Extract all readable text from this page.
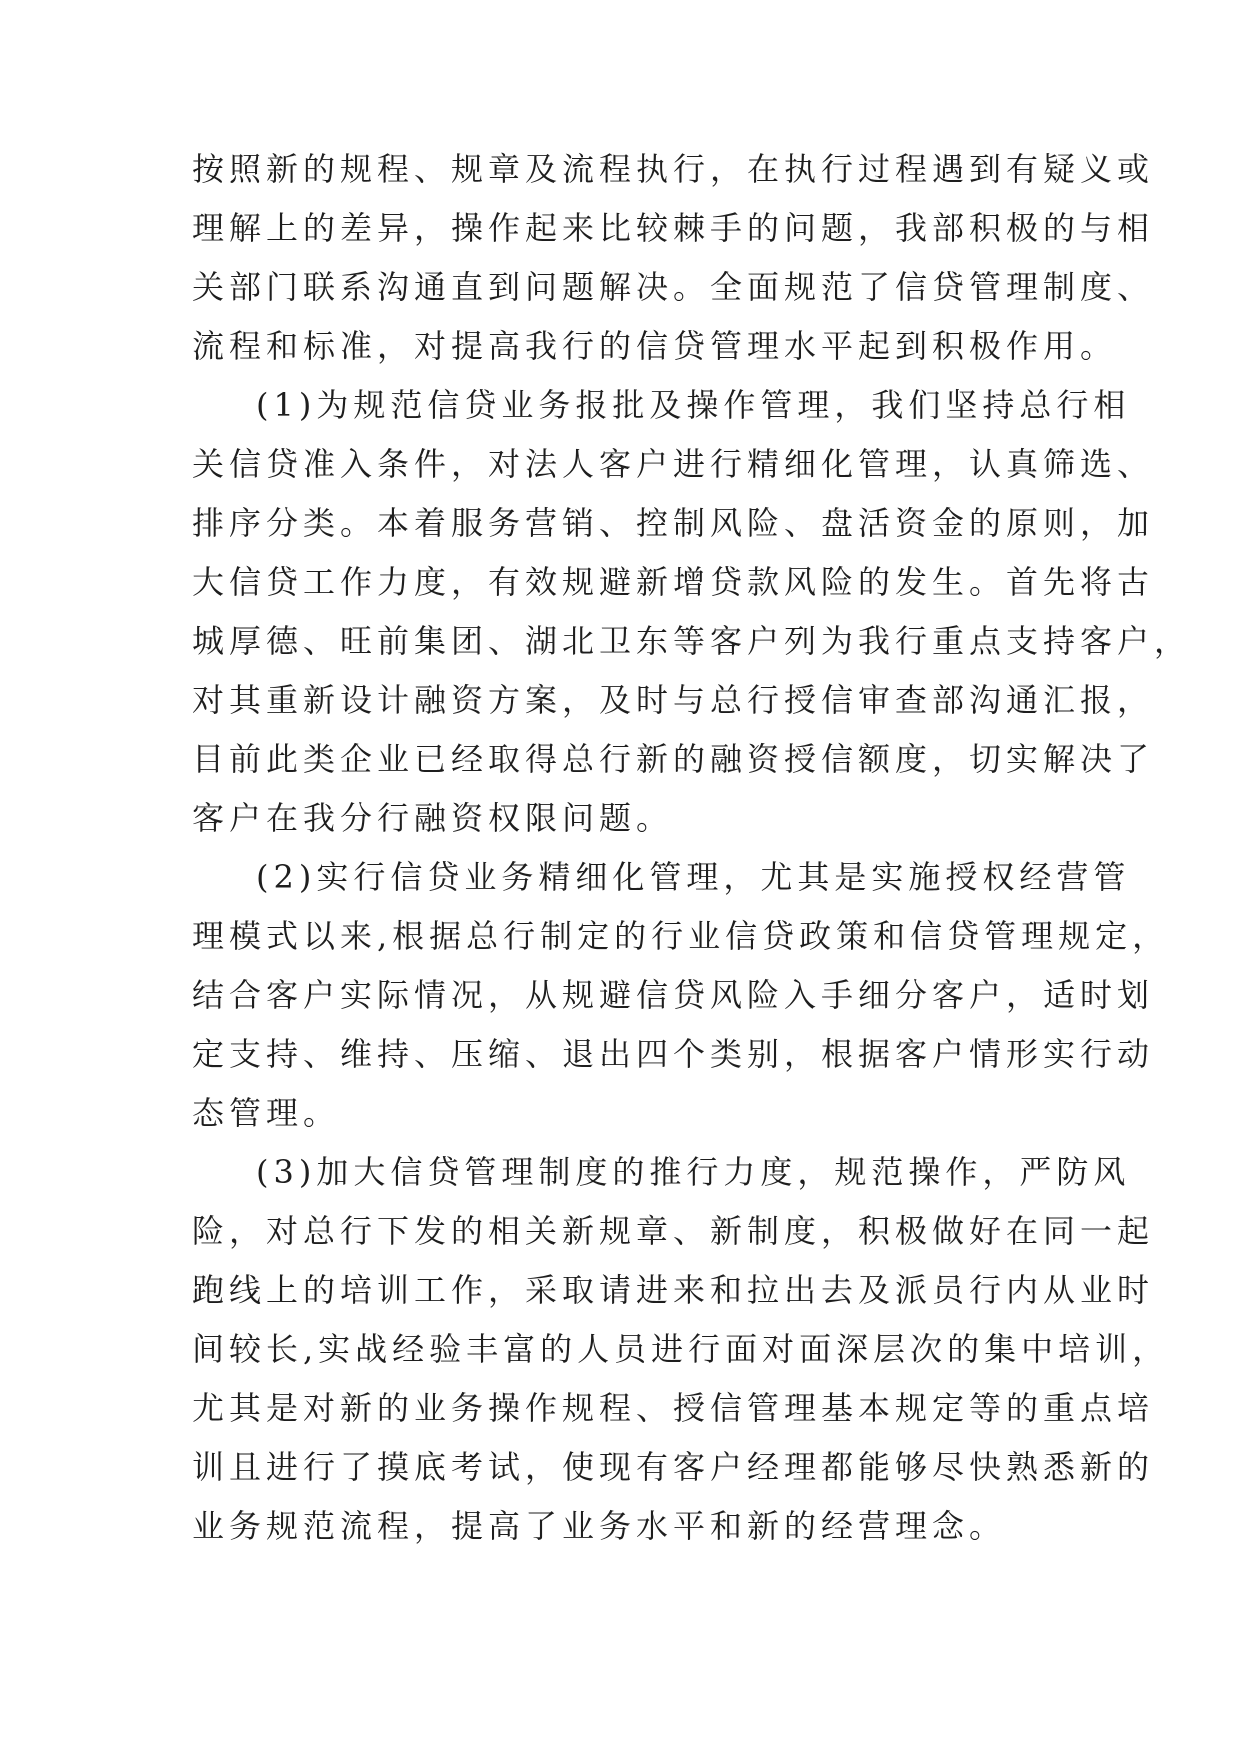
按照新的规程、规章及流程执行，在执行过程遇到有疑义或
理解上的差异，操作起来比较棘手的问题，我部积极的与相
关部门联系沟通直到问题解决。全面规范了信贷管理制度、
流程和标准，对提高我行的信贷管理水平起到积极作用。
(1)为规范信贷业务报批及操作管理，我们坚持总行相
关信贷准入条件，对法人客户进行精细化管理，认真筛选、
排序分类。本着服务营销、控制风险、盘活资金的原则，加
大信贷工作力度，有效规避新增贷款风险的发生。首先将古
城厚德、旺前集团、湖北卫东等客户列为我行重点支持客户，
对其重新设计融资方案，及时与总行授信审查部沟通汇报，
目前此类企业已经取得总行新的融资授信额度，切实解决了
客户在我分行融资权限问题。
(2)实行信贷业务精细化管理，尤其是实施授权经营管
理模式以来,根据总行制定的行业信贷政策和信贷管理规定，
结合客户实际情况，从规避信贷风险入手细分客户，适时划
定支持、维持、压缩、退出四个类别，根据客户情形实行动
态管理。
(3)加大信贷管理制度的推行力度，规范操作，严防风
险，对总行下发的相关新规章、新制度，积极做好在同一起
跑线上的培训工作，采取请进来和拉出去及派员行内从业时
间较长,实战经验丰富的人员进行面对面深层次的集中培训，
尤其是对新的业务操作规程、授信管理基本规定等的重点培
训且进行了摸底考试，使现有客户经理都能够尽快熟悉新的
业务规范流程，提高了业务水平和新的经营理念。
